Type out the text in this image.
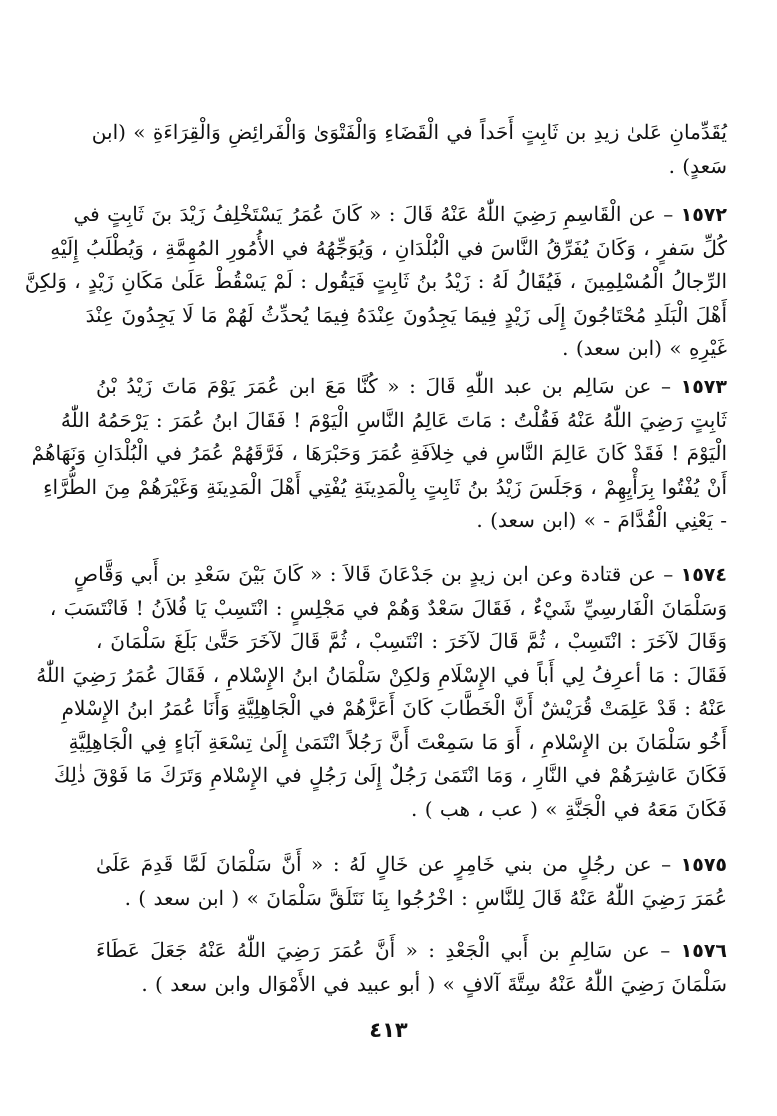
يُقَدِّمانِ عَلىٰ زيدِ بن ثَابِتٍ أَحَداً في الْقَضَاءِ وَالْفَتْوَىٰ وَالْفَرائِضِ وَالْقِرَاءَةِ » (ابن
سَعدٍ) .
١٥٧٢ – عن الْقَاسِمِ رَضِيَ اللّٰهُ عَنْهُ قَالَ : « كَانَ عُمَرُ يَسْتَخْلِفُ زَيْدَ بنَ ثَابِتٍ في
كُلِّ سَفرٍ ، وَكَانَ يُفَرِّقُ النَّاسَ في الْبُلْدَانِ ، وَيُوَجِّهُهُ في الأُمُورِ المُهِمَّةِ ، وَيُطْلَبُ إِلَيْهِ
الرِّجالُ الْمُسْلِمِينَ ، فَيُقَالُ لَهُ : زَيْدُ بنُ ثَابِتٍ فَيَقُول : لَمْ يَسْقُطْ عَلَىٰ مَكَانِ زَيْدٍ ، وَلكِنَّ
أَهْلَ الْبَلَدِ مُحْتَاجُونَ إِلَى زَيْدٍ فِيمَا يَجِدُونَ عِنْدَهُ فِيمَا يُحدِّثُ لَهُمْ مَا لَا يَجِدُونَ عِنْدَ
غَيْرِهِ » (ابن سعد) .
١٥٧٣ – عن سَالِم بن عبد اللّٰهِ قَالَ : « كُنَّا مَعَ ابن عُمَرَ يَوْمَ مَاتَ زَيْدُ بْنُ
ثَابِتٍ رَضِيَ اللّٰهُ عَنْهُ فَقُلْتُ : مَاتَ عَالِمُ النَّاسِ الْيَوْمَ ! فَقَالَ ابنُ عُمَرَ : يَرْحَمُهُ اللّٰهُ
الْيَوْمَ ! فَقَدْ كَانَ عَالِمَ النَّاسِ في خِلاَفَةِ عُمَرَ وَحَبْرَهَا ، فَرَّقَهُمْ عُمَرُ في الْبُلْدَانِ وَنَهَاهُمْ
أَنْ يُفْتُوا بِرَأْيِهِمْ ، وَجَلَسَ زَيْدُ بنُ ثَابِتٍ بِالْمَدِينَةِ يُفْتِي أَهْلَ الْمَدِينَةِ وَغَيْرَهُمْ مِنَ الطُّرَّاءِ
- يَعْنِي الْقُدَّامَ - » (ابن سعد) .
١٥٧٤ – عن قتادة وعن ابن زيدٍ بن جَدْعَانَ قَالاَ : « كَانَ بَيْنَ سَعْدِ بن أَبي وَقَّاصٍ
وَسَلْمَانَ الْفَارسِيِّ شَيْءٌ ، فَقَالَ سَعْدٌ وَهُمْ في مَجْلِسٍ : انْتَسِبْ يَا فُلاَنُ ! فَانْتَسَبَ ،
وَقَالَ لآخَرَ : انْتَسِبْ ، ثُمَّ قَالَ لآخَرَ : انْتَسِبْ ، ثُمَّ قَالَ لآخَرَ حَتَّىٰ بَلَغَ سَلْمَانَ ،
فَقَالَ : مَا أعرِفُ لِي أَباً في الإِسْلَامِ وَلكِنْ سَلْمَانُ ابنُ الإِسْلامِ ، فَقَالَ عُمَرُ رَضِيَ اللّٰهُ
عَنْهُ : قَدْ عَلِمَتْ قُرَيْشٌ أَنَّ الْخَطَّابَ كَانَ أَعَزَّهُمْ في الْجَاهِلِيَّةِ وَأَنَا عُمَرُ ابنُ الإِسْلامِ
أَخُو سَلْمَانَ بن الإِسْلامِ ، أَوَ مَا سَمِعْتَ أَنَّ رَجُلاً انْتَمَىٰ إِلَىٰ تِسْعَةِ آبَاءٍ فِي الْجَاهِلِيَّةِ
فَكَانَ عَاشِرَهُمْ في النَّارِ ، وَمَا انْتَمَىٰ رَجُلٌ إِلَىٰ رَجُلٍ في الإِسْلامِ وَتَرَكَ مَا فَوْقَ ذٰلِكَ
فَكَانَ مَعَهُ في الْجَنَّةِ » ( عب ، هب ) .
١٥٧٥ – عن رجُلٍ من بني خَامِرٍ عن خَالٍ لَهُ : « أَنَّ سَلْمَانَ لَمَّا قَدِمَ عَلَىٰ
عُمَرَ رَضِيَ اللّٰهُ عَنْهُ قَالَ لِلنَّاسِ : اخْرُجُوا بِنَا نَتَلَقَّ سَلْمَانَ » ( ابن سعد ) .
١٥٧٦ – عن سَالِمِ بن أَبي الْجَعْدِ : « أَنَّ عُمَرَ رَضِيَ اللّٰهُ عَنْهُ جَعَلَ عَطَاءَ
سَلْمَانَ رَضِيَ اللّٰهُ عَنْهُ سِتَّةَ آلافٍ » ( أبو عبيد في الأَمْوَال وابن سعد ) .
٤١٣
